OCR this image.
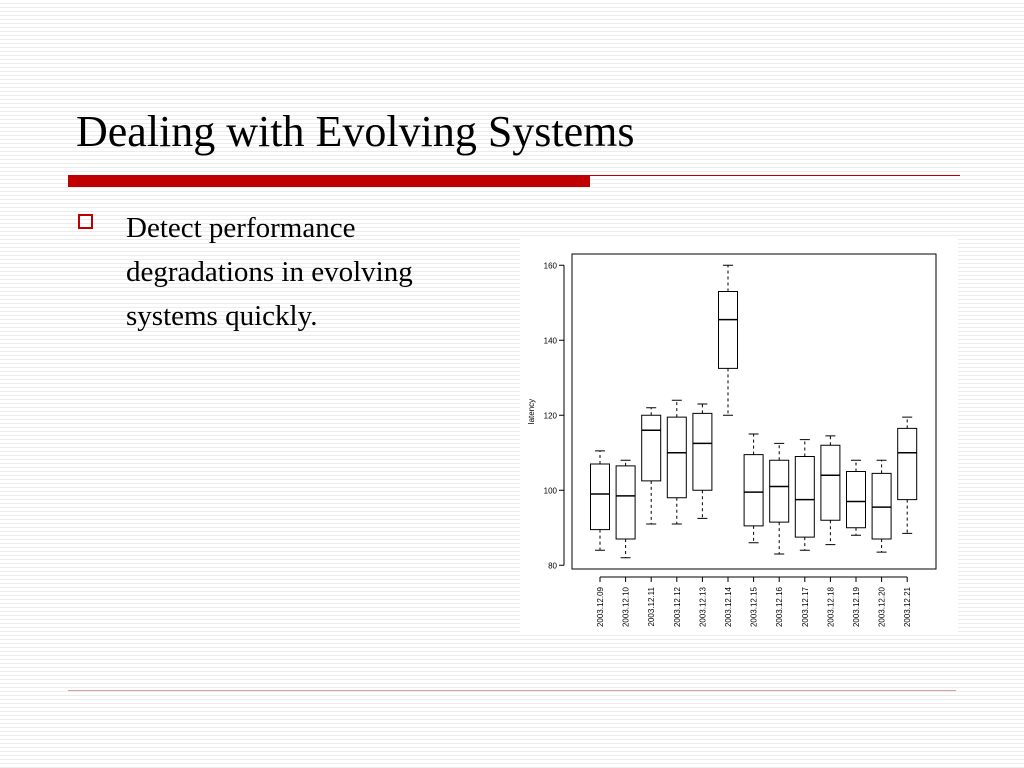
Dealing with Evolving Systems

Detect performance degradations in evolving systems quickly.

80
100
120
140
160
latency
2003.12.09 2003.12.10 2003.12.11 2003.12.12 2003.12.13 2003.12.14 2003.12.15 2003.12.16 2003.12.17 2003.12.18 2003.12.19 2003.12.20 2003.12.21
